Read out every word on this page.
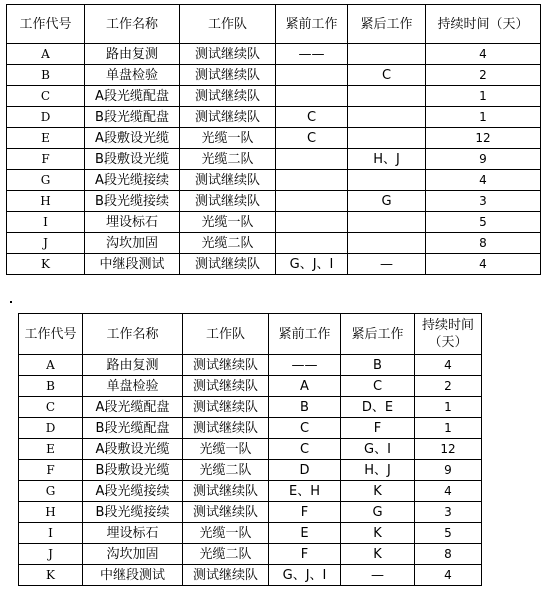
工作代号	工作名称	工作队	紧前工作	紧后工作	持续时间（天）
A	路由复测	测试继续队	——		4
B	单盘检验	测试继续队		C	2
C	A段光缆配盘	测试继续队			1
D	B段光缆配盘	测试继续队	C		1
E	A段敷设光缆	光缆一队	C		12
F	B段敷设光缆	光缆二队		H、J	9
G	A段光缆接续	测试继续队			4
H	B段光缆接续	测试继续队		G	3
I	埋设标石	光缆一队			5
J	沟坎加固	光缆二队			8
K	中继段测试	测试继续队	G、J、I	—	4
工作代号	工作名称	工作队	紧前工作	紧后工作	持续时间（天）
A	路由复测	测试继续队	——	B	4
B	单盘检验	测试继续队	A	C	2
C	A段光缆配盘	测试继续队	B	D、E	1
D	B段光缆配盘	测试继续队	C	F	1
E	A段敷设光缆	光缆一队	C	G、I	12
F	B段敷设光缆	光缆二队	D	H、J	9
G	A段光缆接续	测试继续队	E、H	K	4
H	B段光缆接续	测试继续队	F	G	3
I	埋设标石	光缆一队	E	K	5
J	沟坎加固	光缆二队	F	K	8
K	中继段测试	测试继续队	G、J、I	—	4
